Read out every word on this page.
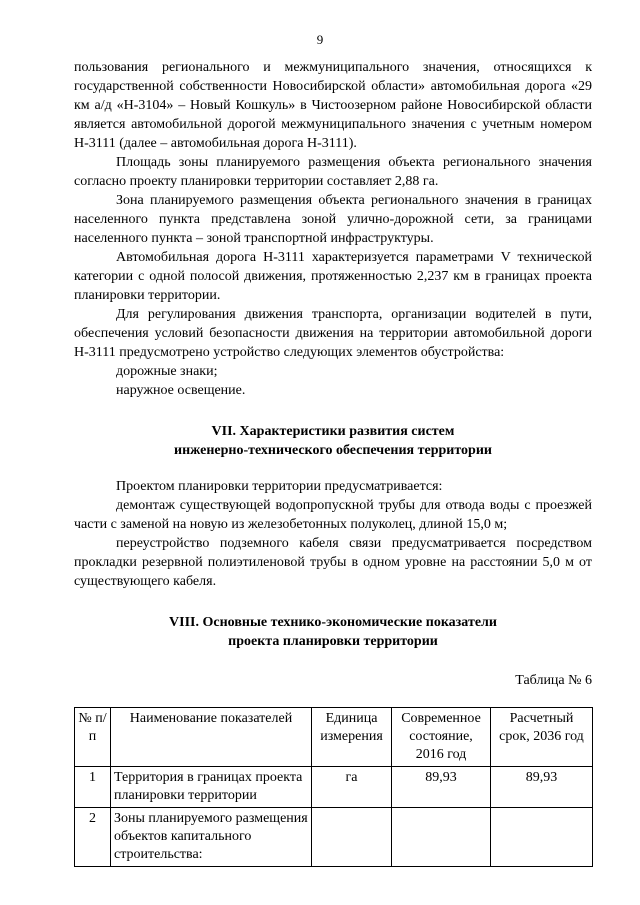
9

пользования регионального и межмуниципального значения, относящихся к государственной собственности Новосибирской области» автомобильная дорога «29 км а/д «Н-3104» – Новый Кошкуль» в Чистоозерном районе Новосибирской области является автомобильной дорогой межмуниципального значения с учетным номером Н-3111 (далее – автомобильная дорога Н-3111).

Площадь зоны планируемого размещения объекта регионального значения согласно проекту планировки территории составляет 2,88 га.

Зона планируемого размещения объекта регионального значения в границах населенного пункта представлена зоной улично-дорожной сети, за границами населенного пункта – зоной транспортной инфраструктуры.

Автомобильная дорога Н-3111 характеризуется параметрами V технической категории с одной полосой движения, протяженностью 2,237 км в границах проекта планировки территории.

Для регулирования движения транспорта, организации водителей в пути, обеспечения условий безопасности движения на территории автомобильной дороги Н-3111 предусмотрено устройство следующих элементов обустройства:

дорожные знаки;

наружное освещение.

VII. Характеристики развития систем

инженерно-технического обеспечения территории

Проектом планировки территории предусматривается:

демонтаж существующей водопропускной трубы для отвода воды с проезжей части с заменой на новую из железобетонных полуколец, длиной 15,0 м;

переустройство подземного кабеля связи предусматривается посредством прокладки резервной полиэтиленовой трубы в одном уровне на расстоянии 5,0 м от существующего кабеля.

VIII. Основные технико-экономические показатели

проекта планировки территории

Таблица № 6

№ п/п	Наименование показателей	Единица измерения	Современное состояние, 2016 год	Расчетный срок, 2036 год
1	Территория в границах проекта планировки территории	га	89,93	89,93
2	Зоны планируемого размещения объектов капитального строительства:			
